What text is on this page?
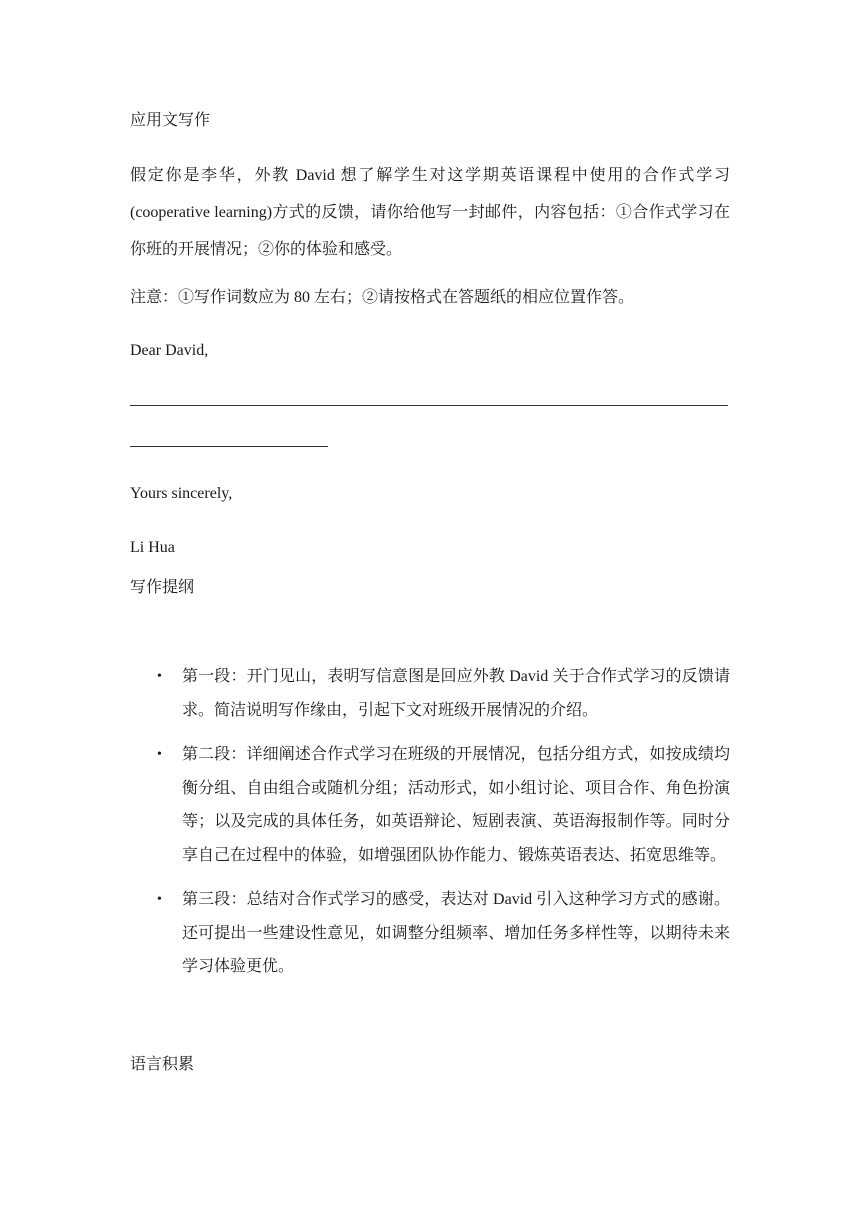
应用文写作
假定你是李华，外教 David 想了解学生对这学期英语课程中使用的合作式学习 (cooperative learning)方式的反馈，请你给他写一封邮件，内容包括：①合作式学习在你班的开展情况；②你的体验和感受。
注意：①写作词数应为 80 左右；②请按格式在答题纸的相应位置作答。
Dear David,
Yours sincerely,
Li Hua
写作提纲
• 第一段：开门见山，表明写信意图是回应外教 David 关于合作式学习的反馈请求。简洁说明写作缘由，引起下文对班级开展情况的介绍。
• 第二段：详细阐述合作式学习在班级的开展情况，包括分组方式，如按成绩均衡分组、自由组合或随机分组；活动形式，如小组讨论、项目合作、角色扮演等；以及完成的具体任务，如英语辩论、短剧表演、英语海报制作等。同时分享自己在过程中的体验，如增强团队协作能力、锻炼英语表达、拓宽思维等。
• 第三段：总结对合作式学习的感受，表达对 David 引入这种学习方式的感谢。还可提出一些建设性意见，如调整分组频率、增加任务多样性等，以期待未来学习体验更优。
语言积累
